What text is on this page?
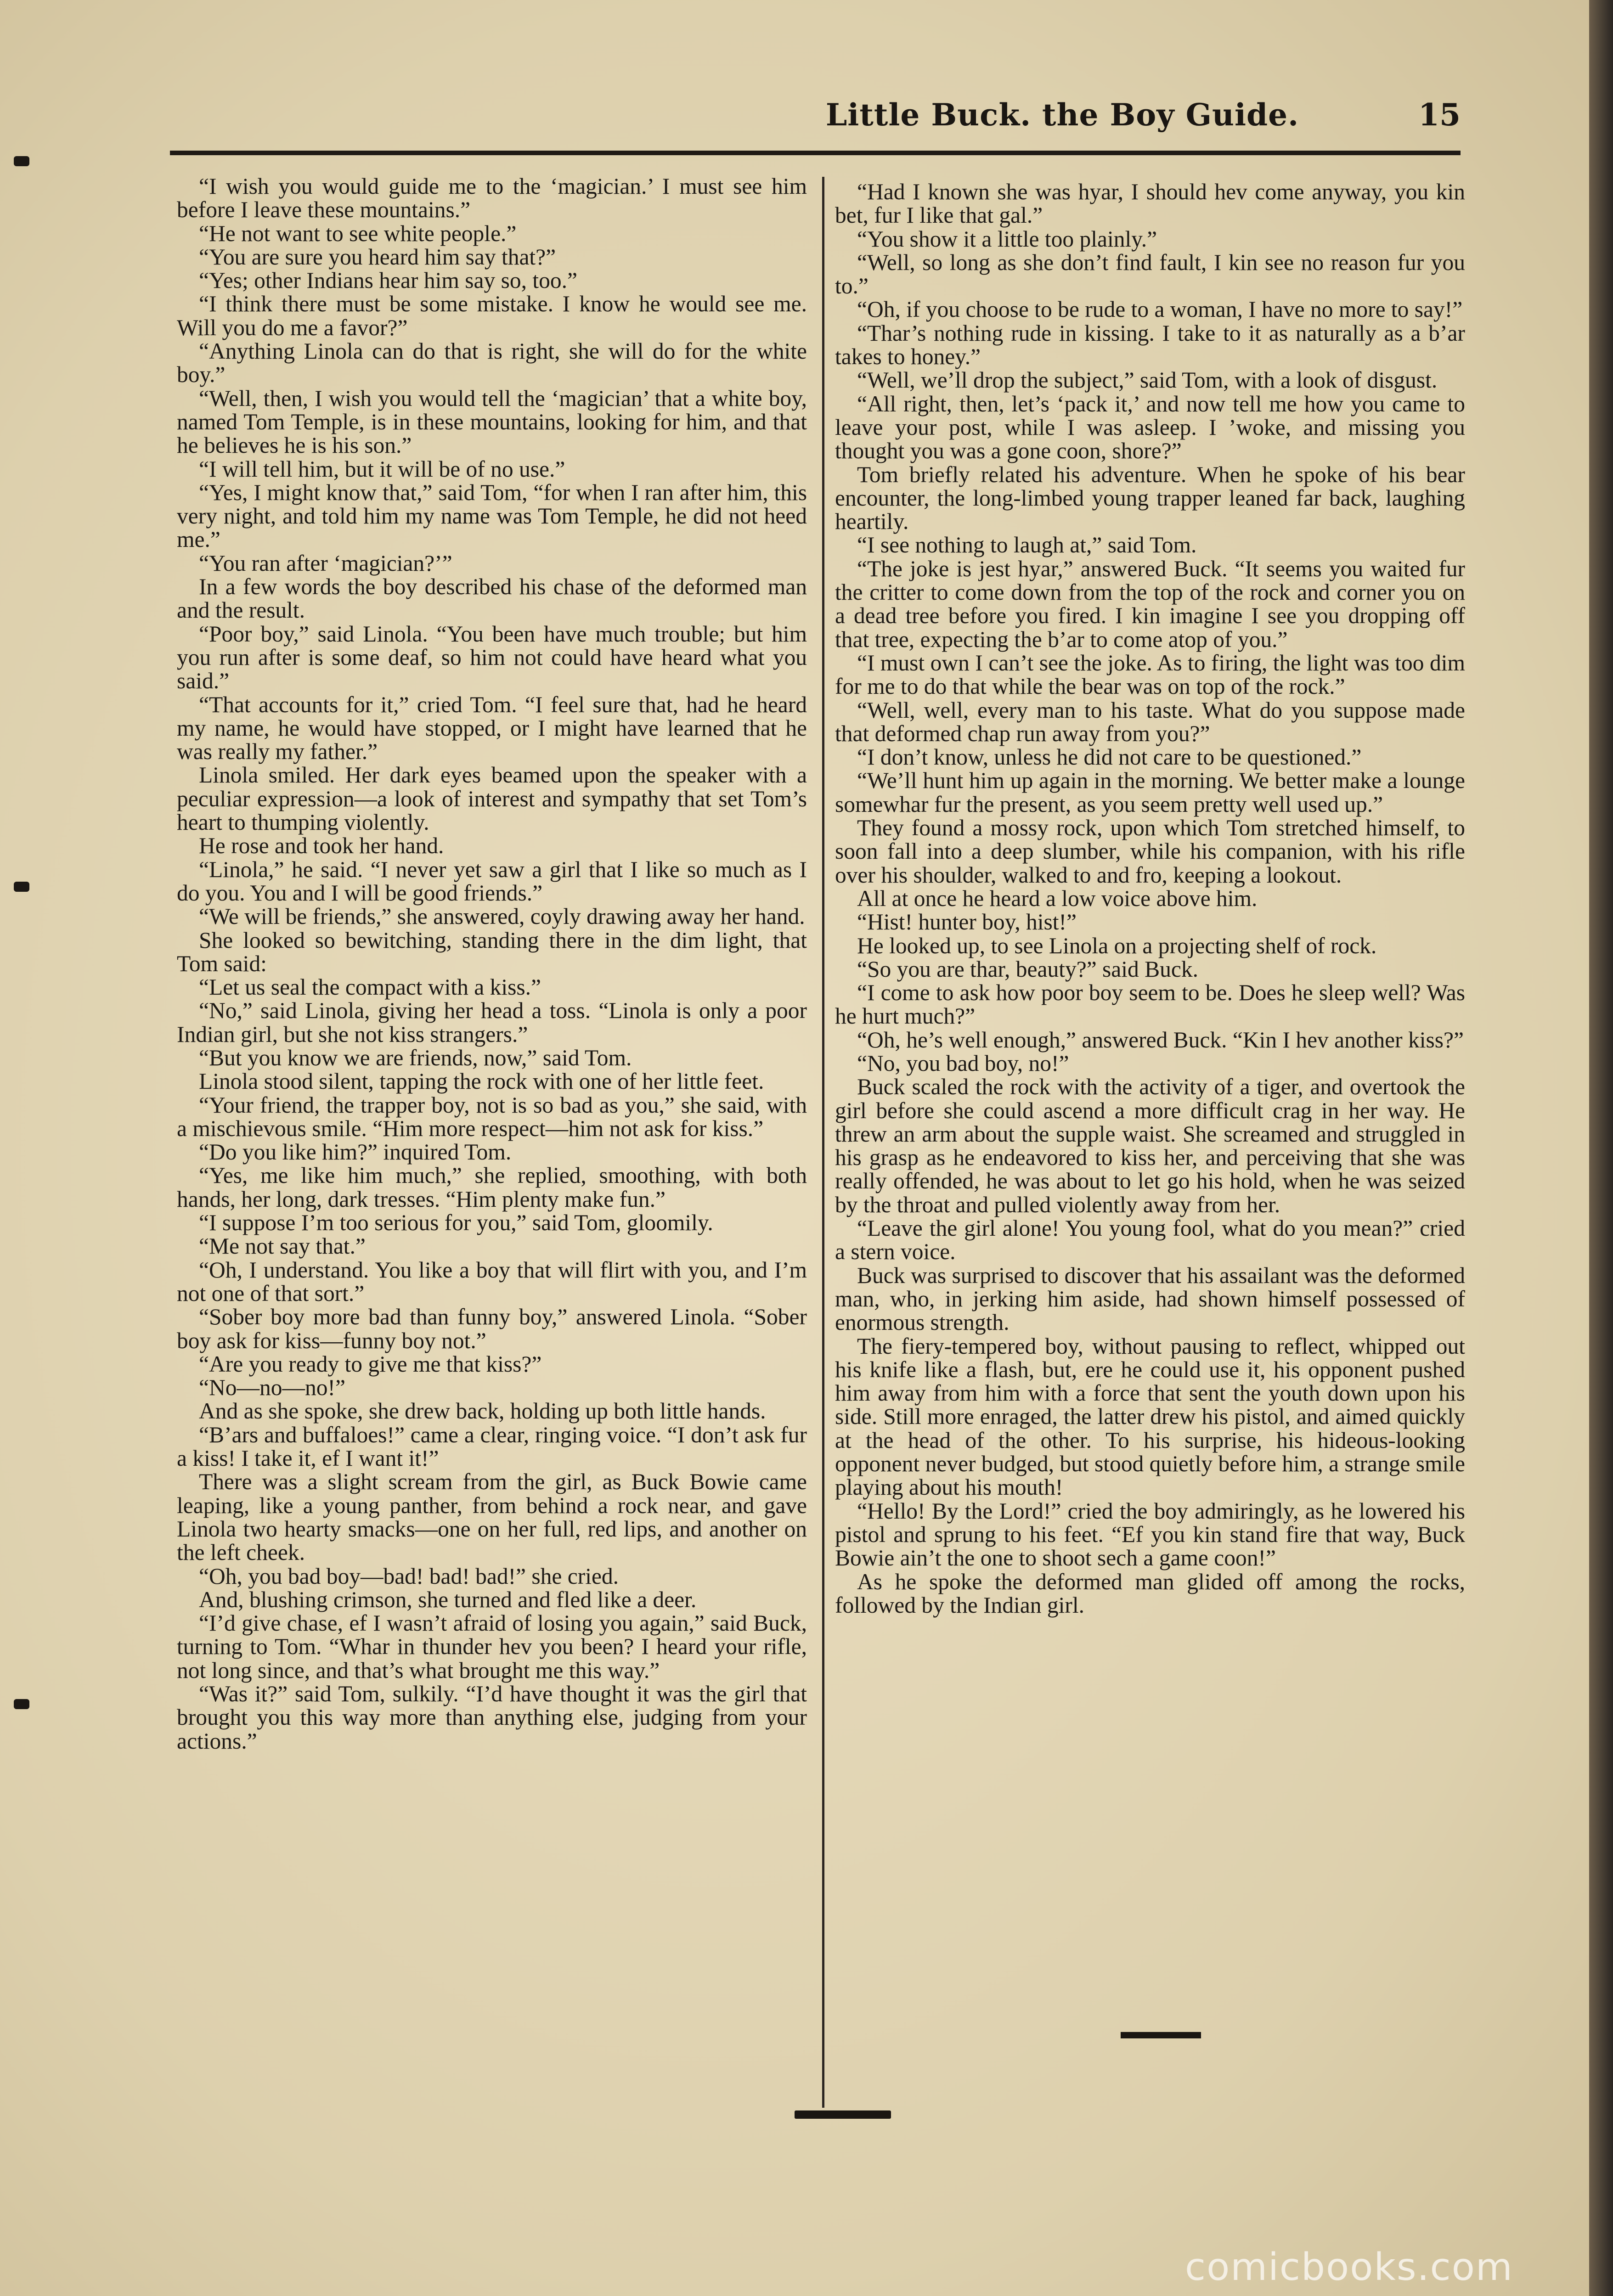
Little Buck. the Boy Guide.	15

“I wish you would guide me to the ‘magician.’ I must see him before I leave these mountains.”

“He not want to see white people.”

“You are sure you heard him say that?”

“Yes; other Indians hear him say so, too.”

“I think there must be some mistake. I know he would see me. Will you do me a favor?”

“Anything Linola can do that is right, she will do for the white boy.”

“Well, then, I wish you would tell the ‘magician’ that a white boy, named Tom Temple, is in these mountains, looking for him, and that he believes he is his son.”

“I will tell him, but it will be of no use.”

“Yes, I might know that,” said Tom, “for when I ran after him, this very night, and told him my name was Tom Temple, he did not heed me.”

“You ran after ‘magician?’”

In a few words the boy described his chase of the deformed man and the result.

“Poor boy,” said Linola. “You been have much trouble; but him you run after is some deaf, so him not could have heard what you said.”

“That accounts for it,” cried Tom. “I feel sure that, had he heard my name, he would have stopped, or I might have learned that he was really my father.”

Linola smiled. Her dark eyes beamed upon the speaker with a peculiar expression—a look of interest and sympathy that set Tom’s heart to thumping violently.

He rose and took her hand.

“Linola,” he said. “I never yet saw a girl that I like so much as I do you. You and I will be good friends.”

“We will be friends,” she answered, coyly drawing away her hand.

She looked so bewitching, standing there in the dim light, that Tom said:

“Let us seal the compact with a kiss.”

“No,” said Linola, giving her head a toss. “Linola is only a poor Indian girl, but she not kiss strangers.”

“But you know we are friends, now,” said Tom.

Linola stood silent, tapping the rock with one of her little feet.

“Your friend, the trapper boy, not is so bad as you,” she said, with a mischievous smile. “Him more respect—him not ask for kiss.”

“Do you like him?” inquired Tom.

“Yes, me like him much,” she replied, smoothing, with both hands, her long, dark tresses. “Him plenty make fun.”

“I suppose I’m too serious for you,” said Tom, gloomily.

“Me not say that.”

“Oh, I understand. You like a boy that will flirt with you, and I’m not one of that sort.”

“Sober boy more bad than funny boy,” answered Linola. “Sober boy ask for kiss—funny boy not.”

“Are you ready to give me that kiss?”

“No—no—no!”

And as she spoke, she drew back, holding up both little hands.

“B’ars and buffaloes!” came a clear, ringing voice. “I don’t ask fur a kiss! I take it, ef I want it!”

There was a slight scream from the girl, as Buck Bowie came leaping, like a young panther, from behind a rock near, and gave Linola two hearty smacks—one on her full, red lips, and another on the left cheek.

“Oh, you bad boy—bad! bad! bad!” she cried.

And, blushing crimson, she turned and fled like a deer.

“I’d give chase, ef I wasn’t afraid of losing you again,” said Buck, turning to Tom. “Whar in thunder hev you been? I heard your rifle, not long since, and that’s what brought me this way.”

“Was it?” said Tom, sulkily. “I’d have thought it was the girl that brought you this way more than anything else, judging from your actions.”

“Had I known she was hyar, I should hev come anyway, you kin bet, fur I like that gal.”

“You show it a little too plainly.”

“Well, so long as she don’t find fault, I kin see no reason fur you to.”

“Oh, if you choose to be rude to a woman, I have no more to say!”

“Thar’s nothing rude in kissing. I take to it as naturally as a b’ar takes to honey.”

“Well, we’ll drop the subject,” said Tom, with a look of disgust.

“All right, then, let’s ‘pack it,’ and now tell me how you came to leave your post, while I was asleep. I ’woke, and missing you thought you was a gone coon, shore?”

Tom briefly related his adventure. When he spoke of his bear encounter, the long-limbed young trapper leaned far back, laughing heartily.

“I see nothing to laugh at,” said Tom.

“The joke is jest hyar,” answered Buck. “It seems you waited fur the critter to come down from the top of the rock and corner you on a dead tree before you fired. I kin imagine I see you dropping off that tree, expecting the b’ar to come atop of you.”

“I must own I can’t see the joke. As to firing, the light was too dim for me to do that while the bear was on top of the rock.”

“Well, well, every man to his taste. What do you suppose made that deformed chap run away from you?”

“I don’t know, unless he did not care to be questioned.”

“We’ll hunt him up again in the morning. We better make a lounge somewhar fur the present, as you seem pretty well used up.”

They found a mossy rock, upon which Tom stretched himself, to soon fall into a deep slumber, while his companion, with his rifle over his shoulder, walked to and fro, keeping a lookout.

All at once he heard a low voice above him.

“Hist! hunter boy, hist!”

He looked up, to see Linola on a projecting shelf of rock.

“So you are thar, beauty?” said Buck.

“I come to ask how poor boy seem to be. Does he sleep well? Was he hurt much?”

“Oh, he’s well enough,” answered Buck. “Kin I hev another kiss?”

“No, you bad boy, no!”

Buck scaled the rock with the activity of a tiger, and overtook the girl before she could ascend a more difficult crag in her way. He threw an arm about the supple waist. She screamed and struggled in his grasp as he endeavored to kiss her, and perceiving that she was really offended, he was about to let go his hold, when he was seized by the throat and pulled violently away from her.

“Leave the girl alone! You young fool, what do you mean?” cried a stern voice.

Buck was surprised to discover that his assailant was the deformed man, who, in jerking him aside, had shown himself possessed of enormous strength.

The fiery-tempered boy, without pausing to reflect, whipped out his knife like a flash, but, ere he could use it, his opponent pushed him away from him with a force that sent the youth down upon his side. Still more enraged, the latter drew his pistol, and aimed quickly at the head of the other. To his surprise, his hideous-looking opponent never budged, but stood quietly before him, a strange smile playing about his mouth!

“Hello! By the Lord!” cried the boy admiringly, as he lowered his pistol and sprung to his feet. “Ef you kin stand fire that way, Buck Bowie ain’t the one to shoot sech a game coon!”

As he spoke the deformed man glided off among the rocks, followed by the Indian girl.

comicbooks.com
